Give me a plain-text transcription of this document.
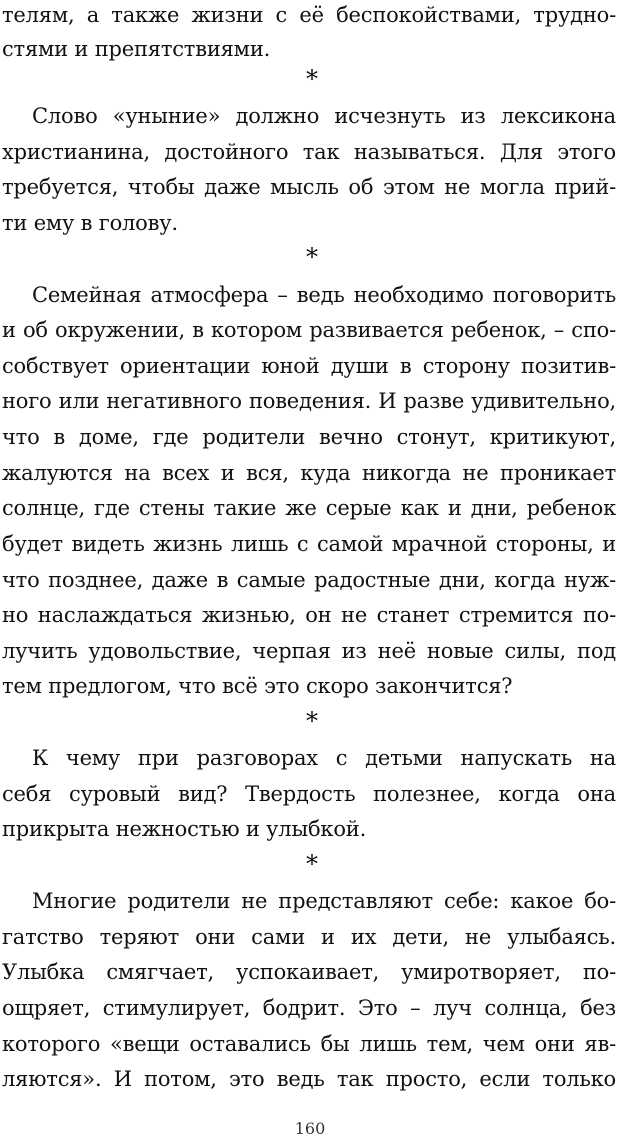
телям, а также жизни с её беспокойствами, трудно-
стями и препятствиями.
*
Слово «уныние» должно исчезнуть из лексикона
христианина, достойного так называться. Для этого
требуется, чтобы даже мысль об этом не могла прий-
ти ему в голову.
*
Семейная атмосфера – ведь необходимо поговорить
и об окружении, в котором развивается ребенок, – спо-
собствует ориентации юной души в сторону позитив-
ного или негативного поведения. И разве удивительно,
что в доме, где родители вечно стонут, критикуют,
жалуются на всех и вся, куда никогда не проникает
солнце, где стены такие же серые как и дни, ребенок
будет видеть жизнь лишь с самой мрачной стороны, и
что позднее, даже в самые радостные дни, когда нуж-
но наслаждаться жизнью, он не станет стремится по-
лучить удовольствие, черпая из неё новые силы, под
тем предлогом, что всё это скоро закончится?
*
К чему при разговорах с детьми напускать на
себя суровый вид? Твердость полезнее, когда она
прикрыта нежностью и улыбкой.
*
Многие родители не представляют себе: какое бо-
гатство теряют они сами и их дети, не улыбаясь.
Улыбка смягчает, успокаивает, умиротворяет, по-
ощряет, стимулирует, бодрит. Это – луч солнца, без
которого «вещи оставались бы лишь тем, чем они яв-
ляются». И потом, это ведь так просто, если только
160
